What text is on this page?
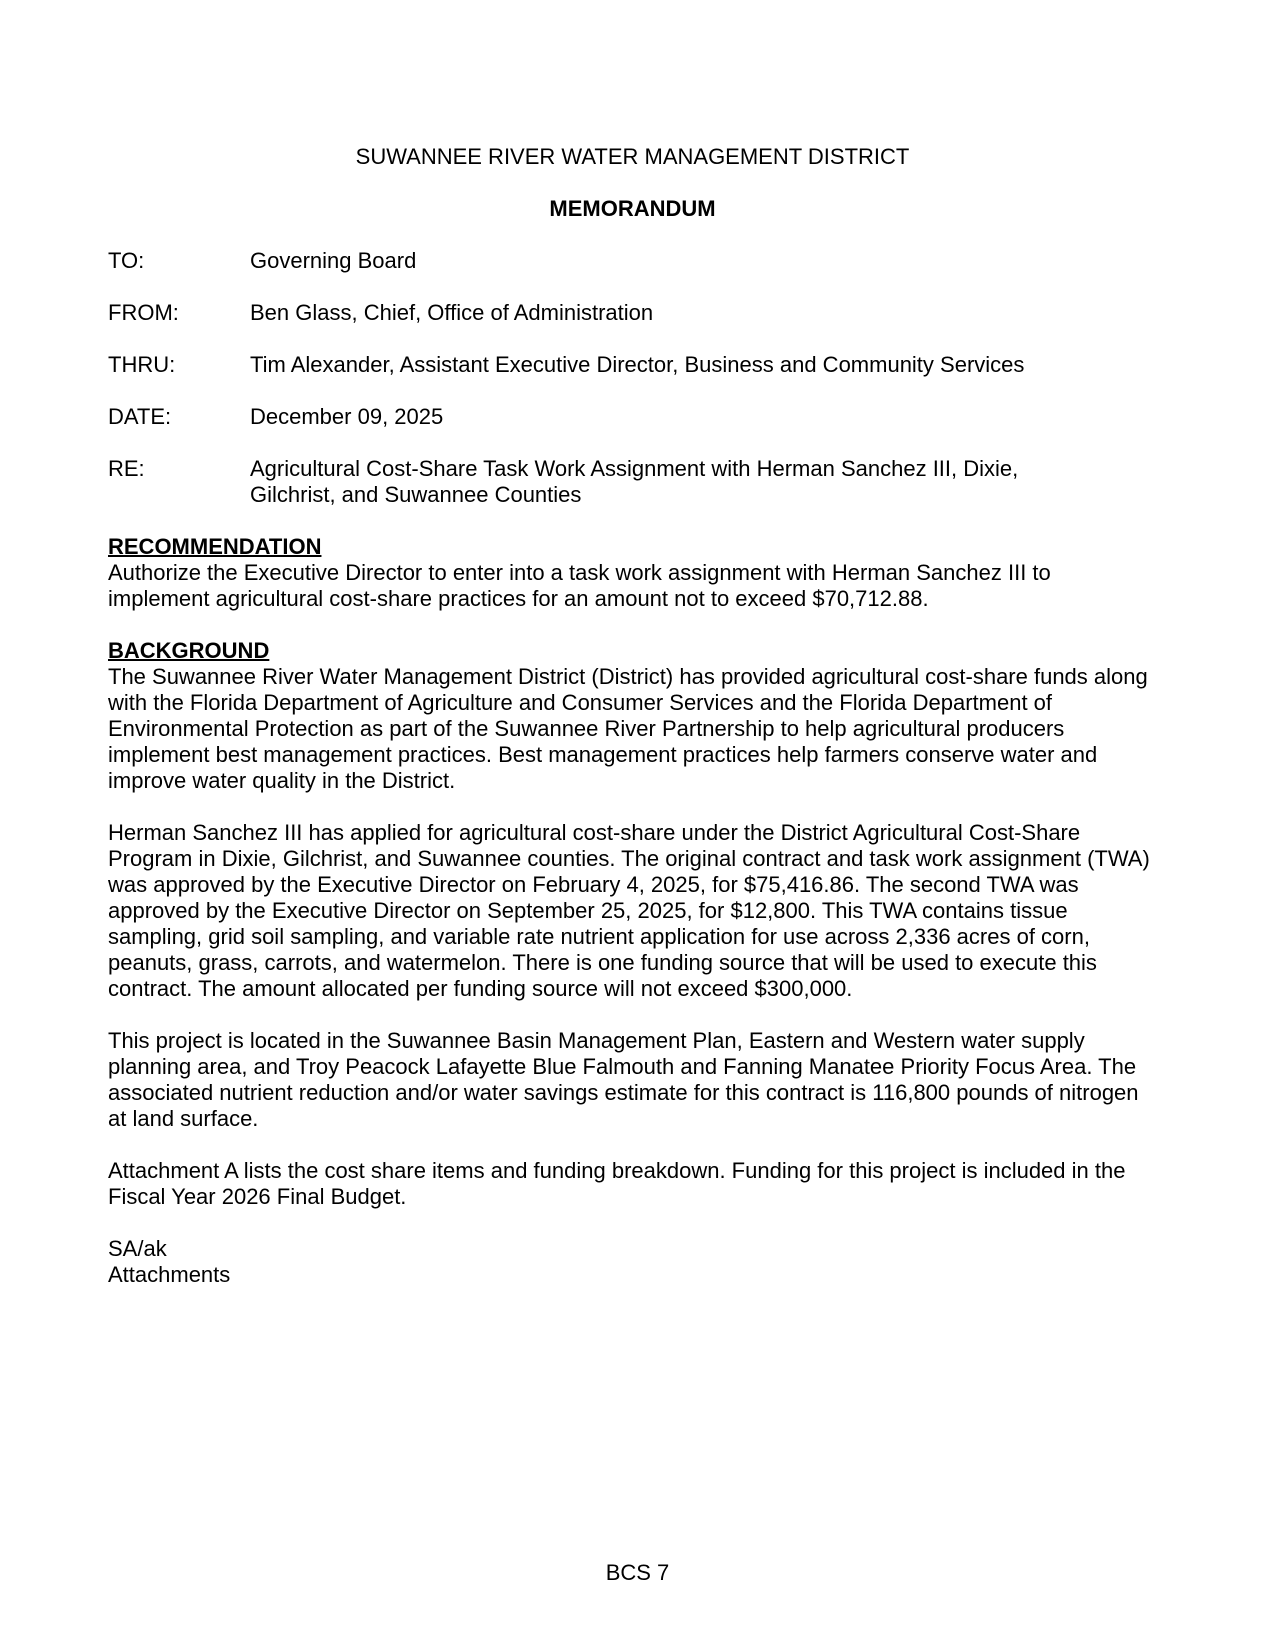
SUWANNEE RIVER WATER MANAGEMENT DISTRICT
MEMORANDUM
TO:	Governing Board
FROM:	Ben Glass, Chief, Office of Administration
THRU:	Tim Alexander, Assistant Executive Director, Business and Community Services
DATE:	December 09, 2025
RE:	Agricultural Cost-Share Task Work Assignment with Herman Sanchez III, Dixie, Gilchrist, and Suwannee Counties
RECOMMENDATION

Authorize the Executive Director to enter into a task work assignment with Herman Sanchez III to implement agricultural cost-share practices for an amount not to exceed $70,712.88.

BACKGROUND

The Suwannee River Water Management District (District) has provided agricultural cost-share funds along with the Florida Department of Agriculture and Consumer Services and the Florida Department of Environmental Protection as part of the Suwannee River Partnership to help agricultural producers implement best management practices. Best management practices help farmers conserve water and improve water quality in the District.

Herman Sanchez III has applied for agricultural cost-share under the District Agricultural Cost-Share Program in Dixie, Gilchrist, and Suwannee counties. The original contract and task work assignment (TWA) was approved by the Executive Director on February 4, 2025, for $75,416.86. The second TWA was approved by the Executive Director on September 25, 2025, for $12,800. This TWA contains tissue sampling, grid soil sampling, and variable rate nutrient application for use across 2,336 acres of corn, peanuts, grass, carrots, and watermelon. There is one funding source that will be used to execute this contract. The amount allocated per funding source will not exceed $300,000.

This project is located in the Suwannee Basin Management Plan, Eastern and Western water supply planning area, and Troy Peacock Lafayette Blue Falmouth and Fanning Manatee Priority Focus Area. The associated nutrient reduction and/or water savings estimate for this contract is 116,800 pounds of nitrogen at land surface.

Attachment A lists the cost share items and funding breakdown. Funding for this project is included in the Fiscal Year 2026 Final Budget.

SA/ak

Attachments

BCS 7
